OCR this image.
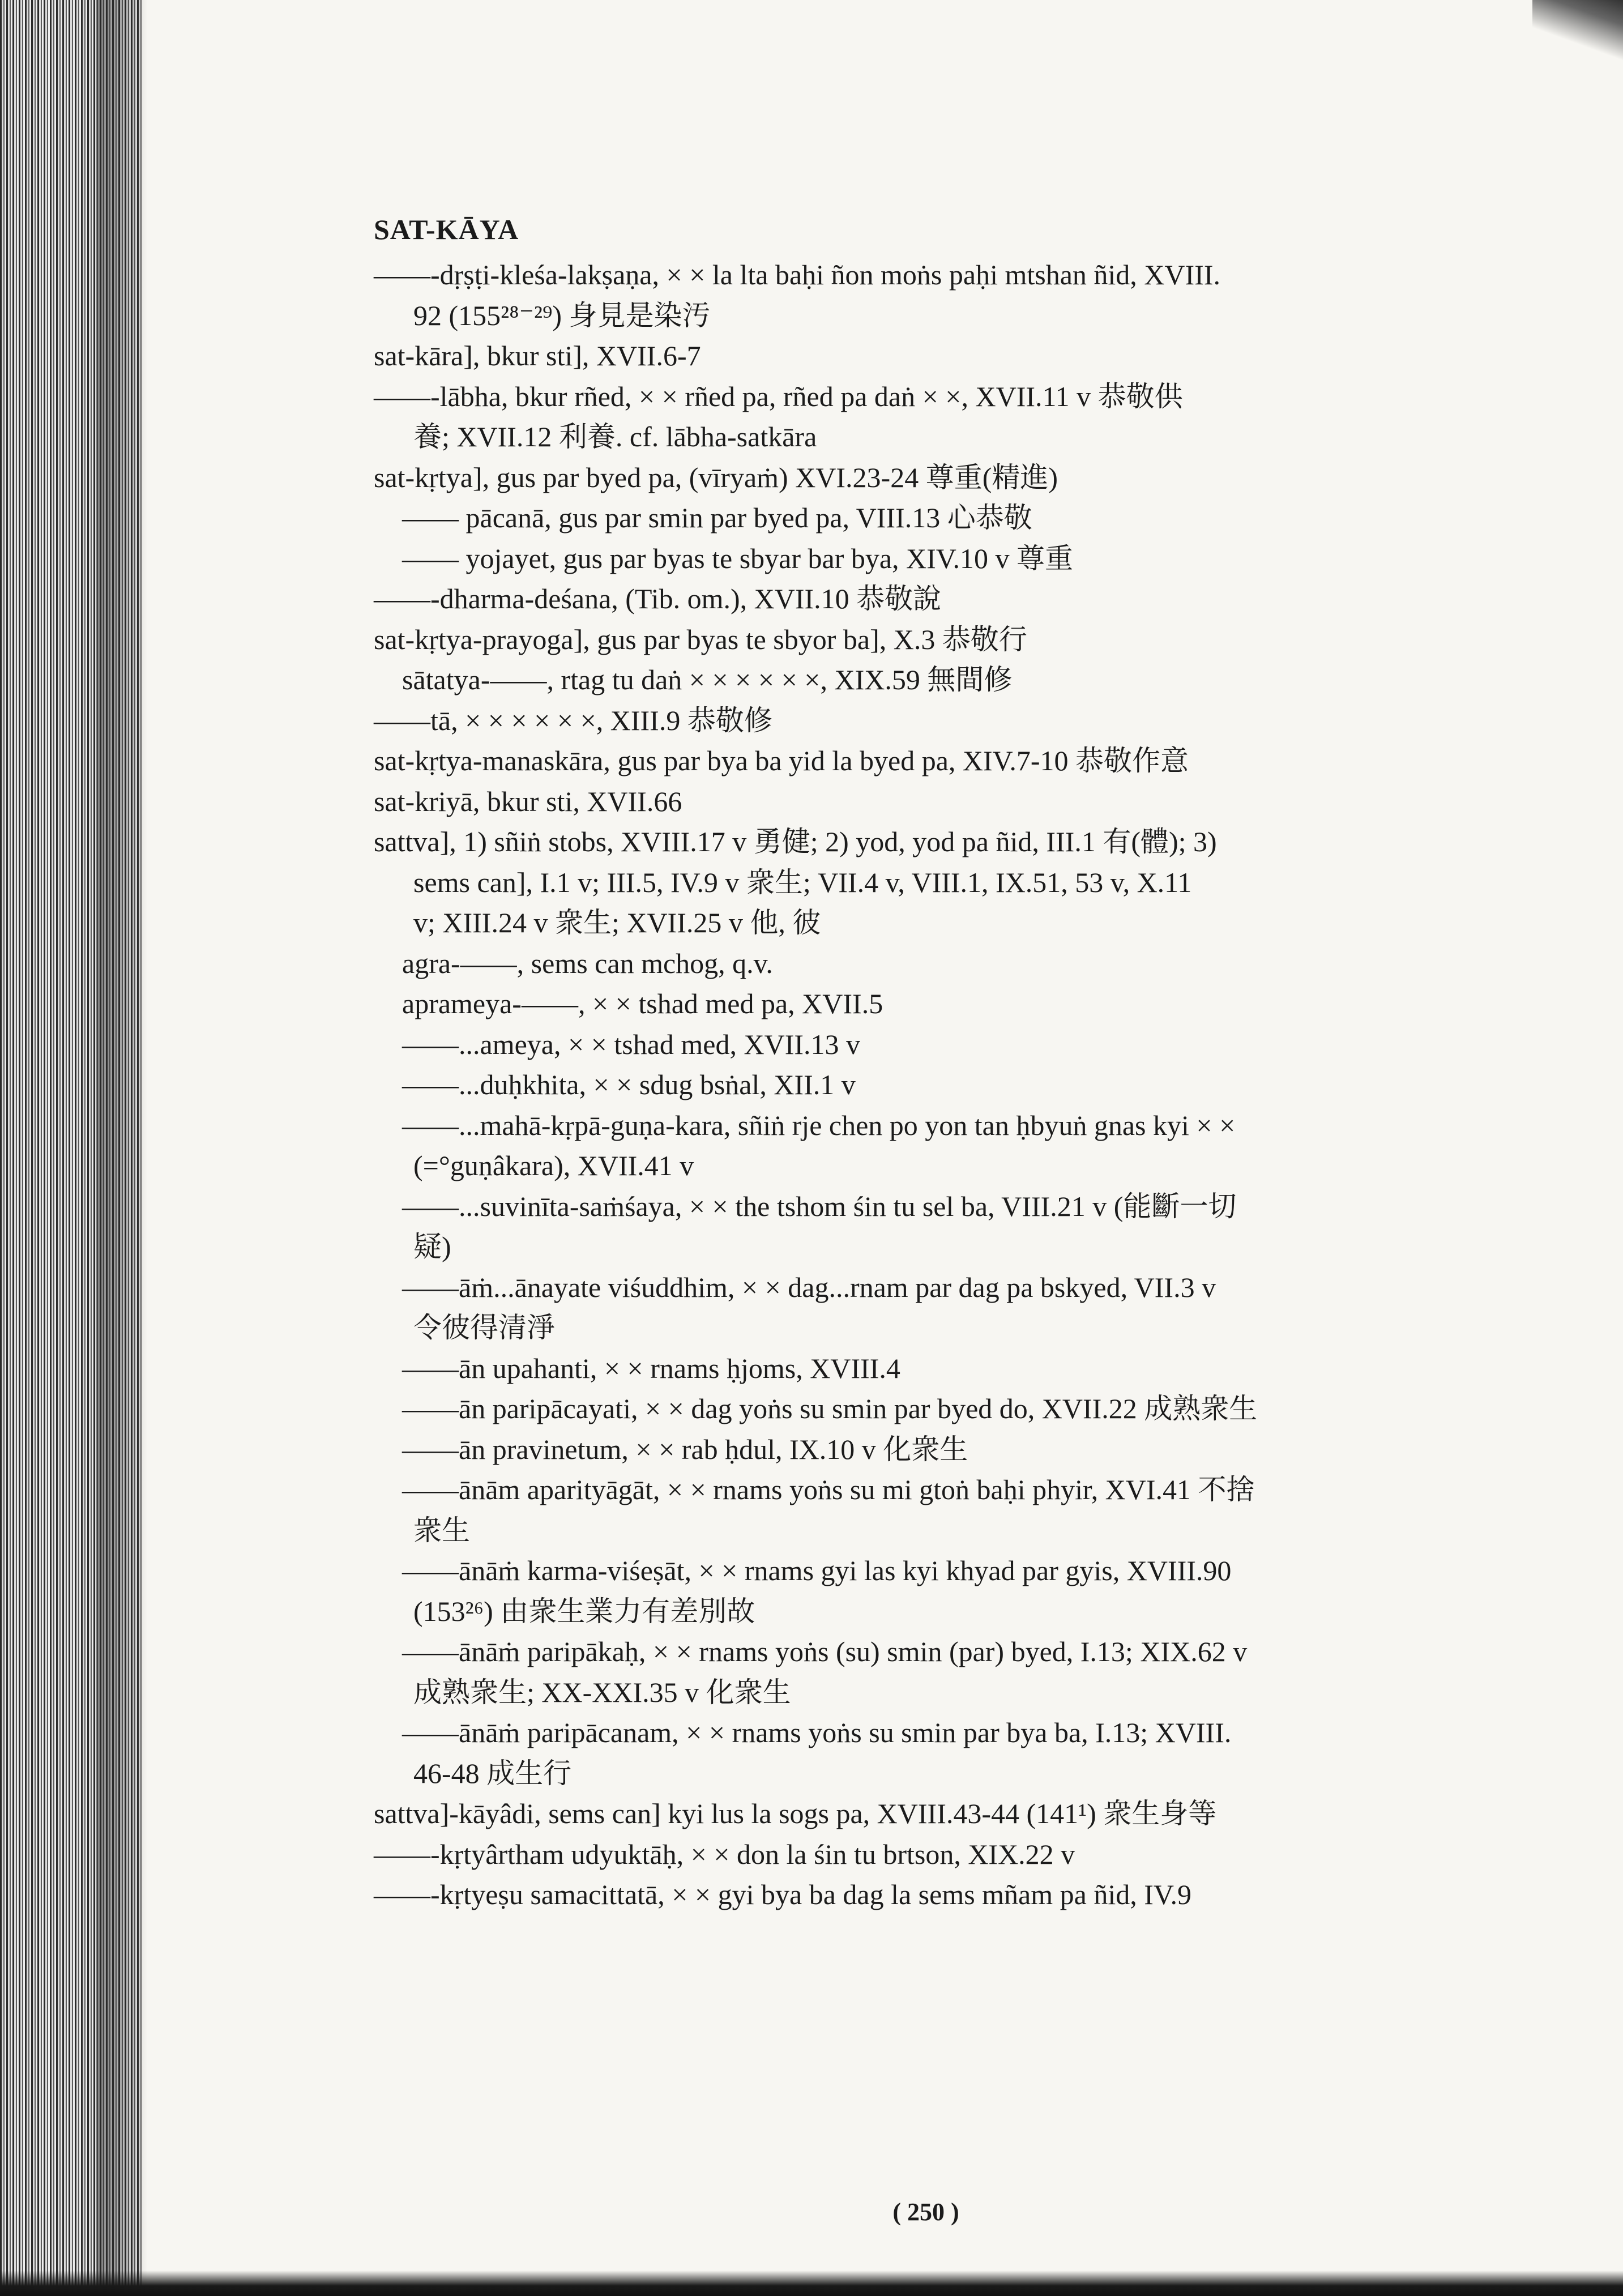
SAT-KĀYA
——-dṛṣṭi-kleśa-lakṣaṇa, × × la lta baḥi ñon moṅs paḥi mtshan ñid, XVIII.
92 (155²⁸⁻²⁹) 身見是染汚
sat-kāra], bkur sti], XVII.6-7
——-lābha, bkur rñed, × × rñed pa, rñed pa daṅ × ×, XVII.11 v 恭敬供
養; XVII.12 利養. cf. lābha-satkāra
sat-kṛtya], gus par byed pa, (vīryaṁ) XVI.23-24 尊重(精進)
—— pācanā, gus par smin par byed pa, VIII.13 心恭敬
—— yojayet, gus par byas te sbyar bar bya, XIV.10 v 尊重
——-dharma-deśana, (Tib. om.), XVII.10 恭敬說
sat-kṛtya-prayoga], gus par byas te sbyor ba], X.3 恭敬行
sātatya-——, rtag tu daṅ × × × × × ×, XIX.59 無間修
——tā, × × × × × ×, XIII.9 恭敬修
sat-kṛtya-manaskāra, gus par bya ba yid la byed pa, XIV.7-10 恭敬作意
sat-kriyā, bkur sti, XVII.66
sattva], 1) sñiṅ stobs, XVIII.17 v 勇健; 2) yod, yod pa ñid, III.1 有(體); 3)
sems can], I.1 v; III.5, IV.9 v 衆生; VII.4 v, VIII.1, IX.51, 53 v, X.11
v; XIII.24 v 衆生; XVII.25 v 他, 彼
agra-——, sems can mchog, q.v.
aprameya-——, × × tshad med pa, XVII.5
——...ameya, × × tshad med, XVII.13 v
——...duḥkhita, × × sdug bsṅal, XII.1 v
——...mahā-kṛpā-guṇa-kara, sñiṅ rje chen po yon tan ḥbyuṅ gnas kyi × ×
(=°guṇâkara), XVII.41 v
——...suvinīta-saṁśaya, × × the tshom śin tu sel ba, VIII.21 v (能斷一切
疑)
——āṁ...ānayate viśuddhim, × × dag...rnam par dag pa bskyed, VII.3 v
令彼得清淨
——ān upahanti, × × rnams ḥjoms, XVIII.4
——ān paripācayati, × × dag yoṅs su smin par byed do, XVII.22 成熟衆生
——ān pravinetum, × × rab ḥdul, IX.10 v 化衆生
——ānām aparityāgāt, × × rnams yoṅs su mi gtoṅ baḥi phyir, XVI.41 不捨
衆生
——ānāṁ karma-viśeṣāt, × × rnams gyi las kyi khyad par gyis, XVIII.90
(153²⁶) 由衆生業力有差別故
——ānāṁ paripākaḥ, × × rnams yoṅs (su) smin (par) byed, I.13; XIX.62 v
成熟衆生; XX-XXI.35 v 化衆生
——ānāṁ paripācanam, × × rnams yoṅs su smin par bya ba, I.13; XVIII.
46-48 成生行
sattva]-kāyâdi, sems can] kyi lus la sogs pa, XVIII.43-44 (141¹) 衆生身等
——-kṛtyârtham udyuktāḥ, × × don la śin tu brtson, XIX.22 v
——-kṛtyeṣu samacittatā, × × gyi bya ba dag la sems mñam pa ñid, IV.9
( 250 )
